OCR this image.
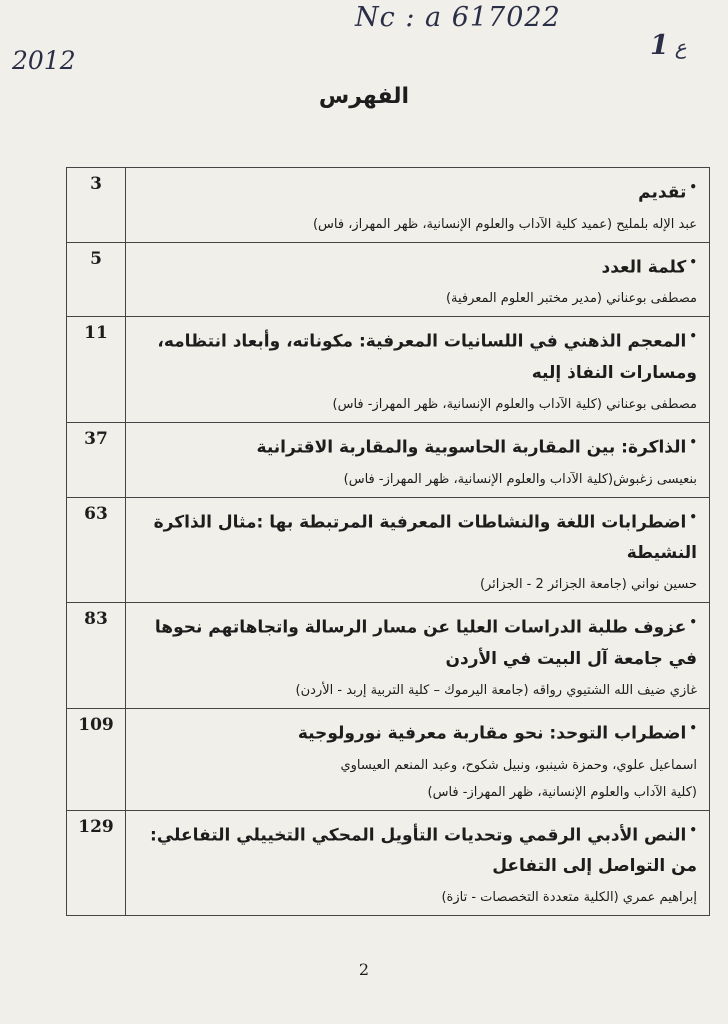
Nc : a 617022
2012	1 ع
الفهرس
3	•تقديم
عبد الإله بلمليح (عميد كلية الآداب والعلوم الإنسانية، ظهر المهراز، فاس)
5	•كلمة العدد
مصطفى بوعناني (مدير مختبر العلوم المعرفية)
11	•المعجم الذهني في اللسانيات المعرفية: مكوناته، وأبعاد انتظامه، ومسارات النفاذ إليه
مصطفى بوعناني (كلية الآداب والعلوم الإنسانية، ظهر المهراز- فاس)
37	•الذاكرة: بين المقاربة الحاسوبية والمقاربة الاقترانية
بنعيسى زغبوش(كلية الآداب والعلوم الإنسانية، ظهر المهراز- فاس)
63	•اضطرابات اللغة والنشاطات المعرفية المرتبطة بها :مثال الذاكرة النشيطة
حسين نواني (جامعة الجزائر 2 - الجزائر)
83	•عزوف طلبة الدراسات العليا عن مسار الرسالة واتجاهاتهم نحوها في جامعة آل البيت في الأردن
غازي ضيف الله الشتيوي رواقه (جامعة اليرموك – كلية التربية إربد - الأردن)
109	•اضطراب التوحد: نحو مقاربة معرفية نورولوجية
اسماعيل علوي، وحمزة شينبو، ونبيل شكوح، وعبد المنعم العيساوي
(كلية الآداب والعلوم الإنسانية، ظهر المهراز- فاس)
129	•النص الأدبي الرقمي وتحديات التأويل المحكي التخييلي التفاعلي: من التواصل إلى التفاعل
إبراهيم عمري (الكلية متعددة التخصصات - تازة)
2
